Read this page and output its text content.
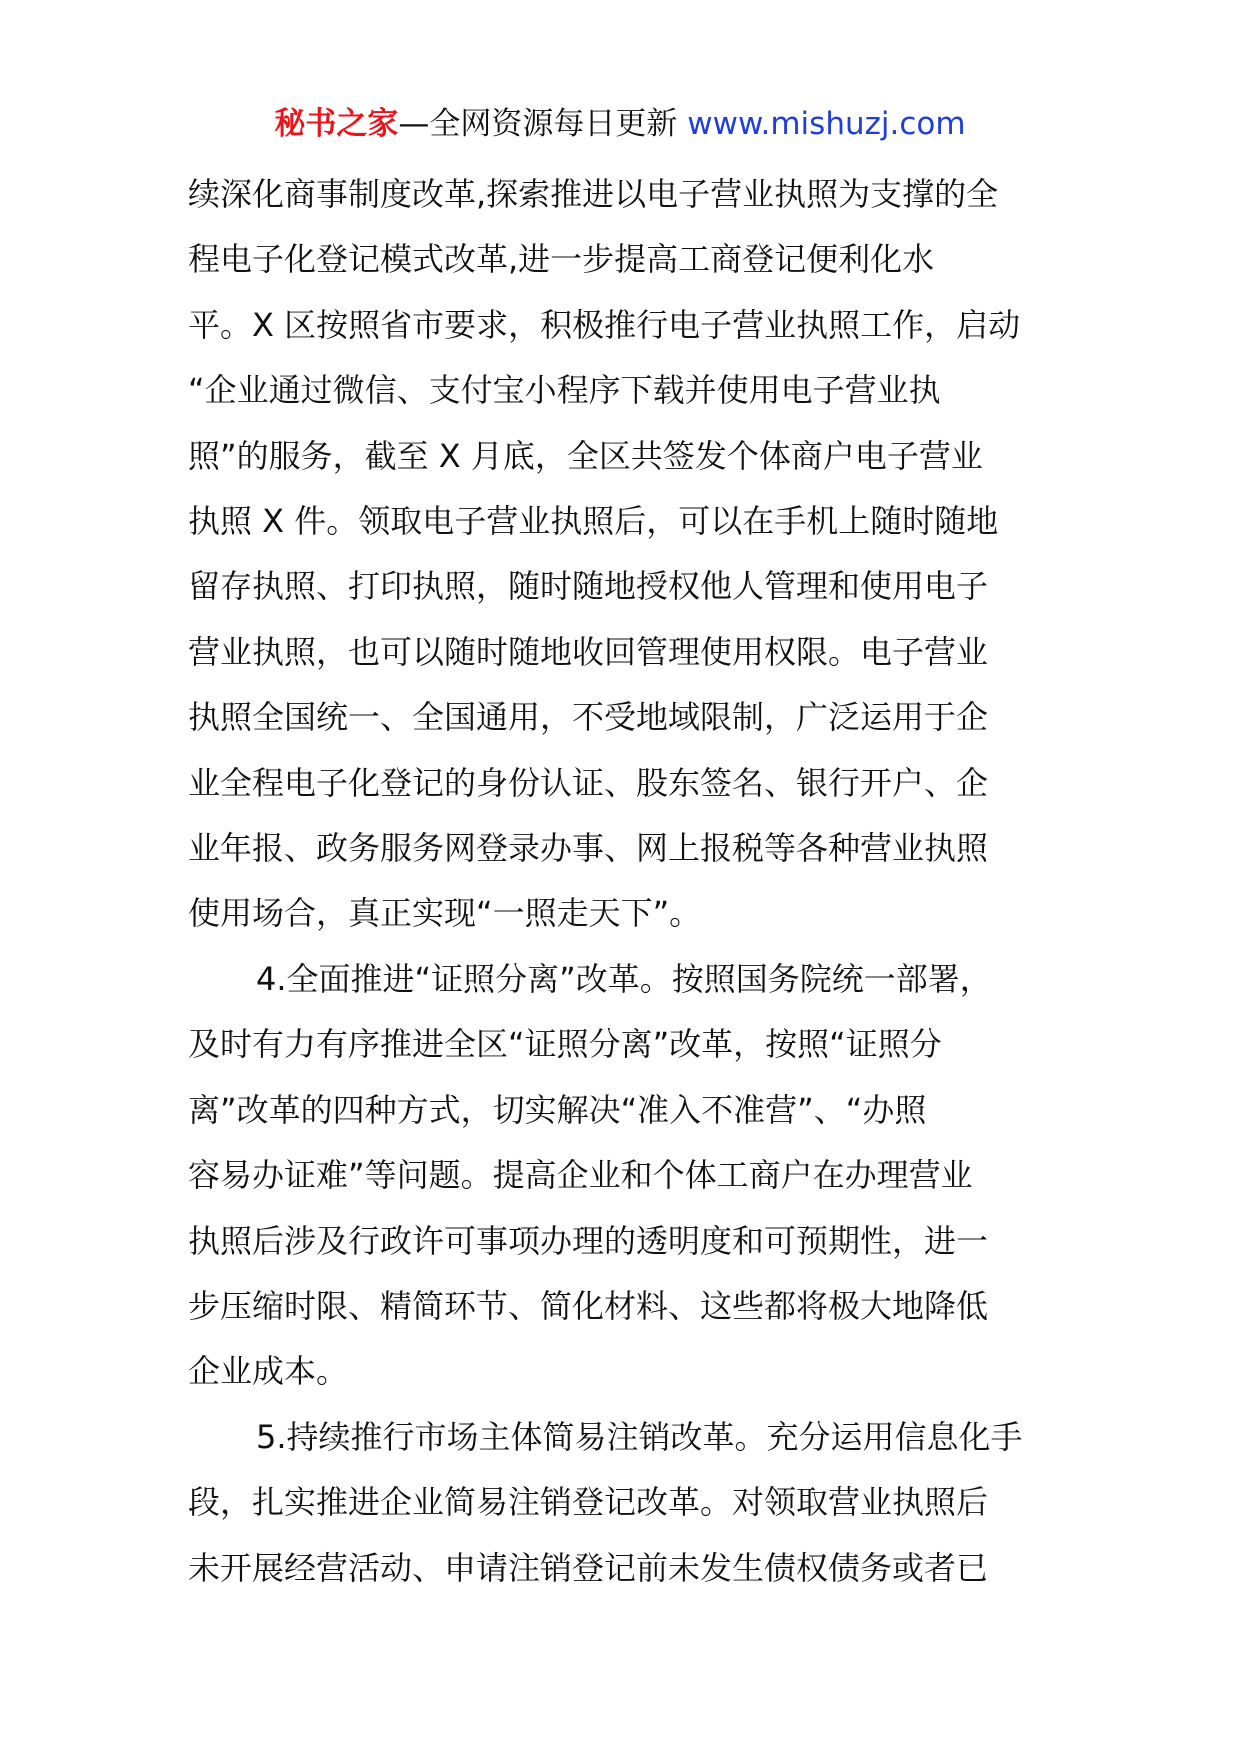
秘书之家—全网资源每日更新 www.mishuzj.com
续深化商事制度改革,探索推进以电子营业执照为支撑的全
程电子化登记模式改革,进一步提高工商登记便利化水
平。X 区按照省市要求，积极推行电子营业执照工作，启动
“企业通过微信、支付宝小程序下载并使用电子营业执
照”的服务，截至 X 月底，全区共签发个体商户电子营业
执照 X 件。领取电子营业执照后，可以在手机上随时随地
留存执照、打印执照，随时随地授权他人管理和使用电子
营业执照，也可以随时随地收回管理使用权限。电子营业
执照全国统一、全国通用，不受地域限制，广泛运用于企
业全程电子化登记的身份认证、股东签名、银行开户、企
业年报、政务服务网登录办事、网上报税等各种营业执照
使用场合，真正实现“一照走天下”。
4.全面推进“证照分离”改革。按照国务院统一部署，
及时有力有序推进全区“证照分离”改革，按照“证照分
离”改革的四种方式，切实解决“准入不准营”、“办照
容易办证难”等问题。提高企业和个体工商户在办理营业
执照后涉及行政许可事项办理的透明度和可预期性，进一
步压缩时限、精简环节、简化材料、这些都将极大地降低
企业成本。
5.持续推行市场主体简易注销改革。充分运用信息化手
段，扎实推进企业简易注销登记改革。对领取营业执照后
未开展经营活动、申请注销登记前未发生债权债务或者已
